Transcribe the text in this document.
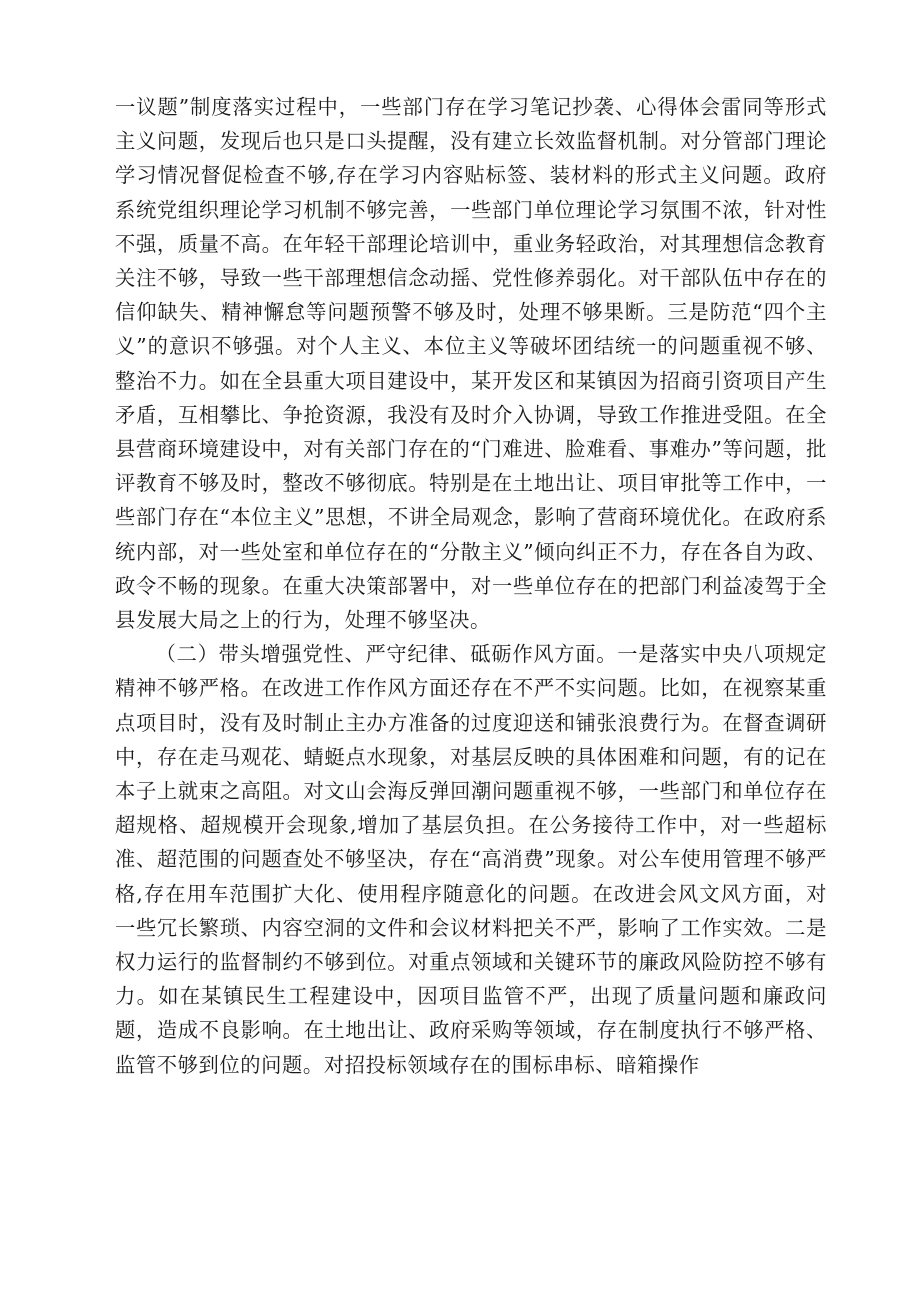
一议题”制度落实过程中，一些部门存在学习笔记抄袭、心得体会雷同等形式主义问题，发现后也只是口头提醒，没有建立长效监督机制。对分管部门理论学习情况督促检查不够,存在学习内容贴标签、装材料的形式主义问题。政府系统党组织理论学习机制不够完善，一些部门单位理论学习氛围不浓，针对性不强，质量不高。在年轻干部理论培训中，重业务轻政治，对其理想信念教育关注不够，导致一些干部理想信念动摇、党性修养弱化。对干部队伍中存在的信仰缺失、精神懈怠等问题预警不够及时，处理不够果断。三是防范“四个主义”的意识不够强。对个人主义、本位主义等破坏团结统一的问题重视不够、整治不力。如在全县重大项目建设中，某开发区和某镇因为招商引资项目产生矛盾，互相攀比、争抢资源，我没有及时介入协调，导致工作推进受阻。在全县营商环境建设中，对有关部门存在的“门难进、脸难看、事难办”等问题，批评教育不够及时，整改不够彻底。特别是在土地出让、项目审批等工作中，一些部门存在“本位主义”思想，不讲全局观念，影响了营商环境优化。在政府系统内部，对一些处室和单位存在的“分散主义”倾向纠正不力，存在各自为政、政令不畅的现象。在重大决策部署中，对一些单位存在的把部门利益凌驾于全县发展大局之上的行为，处理不够坚决。

（二）带头增强党性、严守纪律、砥砺作风方面。一是落实中央八项规定精神不够严格。在改进工作作风方面还存在不严不实问题。比如，在视察某重点项目时，没有及时制止主办方准备的过度迎送和铺张浪费行为。在督查调研中，存在走马观花、蜻蜓点水现象，对基层反映的具体困难和问题，有的记在本子上就束之高阻。对文山会海反弹回潮问题重视不够，一些部门和单位存在超规格、超规模开会现象,增加了基层负担。在公务接待工作中，对一些超标准、超范围的问题查处不够坚决，存在“高消费”现象。对公车使用管理不够严格,存在用车范围扩大化、使用程序随意化的问题。在改进会风文风方面，对一些冗长繁琐、内容空洞的文件和会议材料把关不严，影响了工作实效。二是权力运行的监督制约不够到位。对重点领域和关键环节的廉政风险防控不够有力。如在某镇民生工程建设中，因项目监管不严，出现了质量问题和廉政问题，造成不良影响。在土地出让、政府采购等领域，存在制度执行不够严格、监管不够到位的问题。对招投标领域存在的围标串标、暗箱操作
